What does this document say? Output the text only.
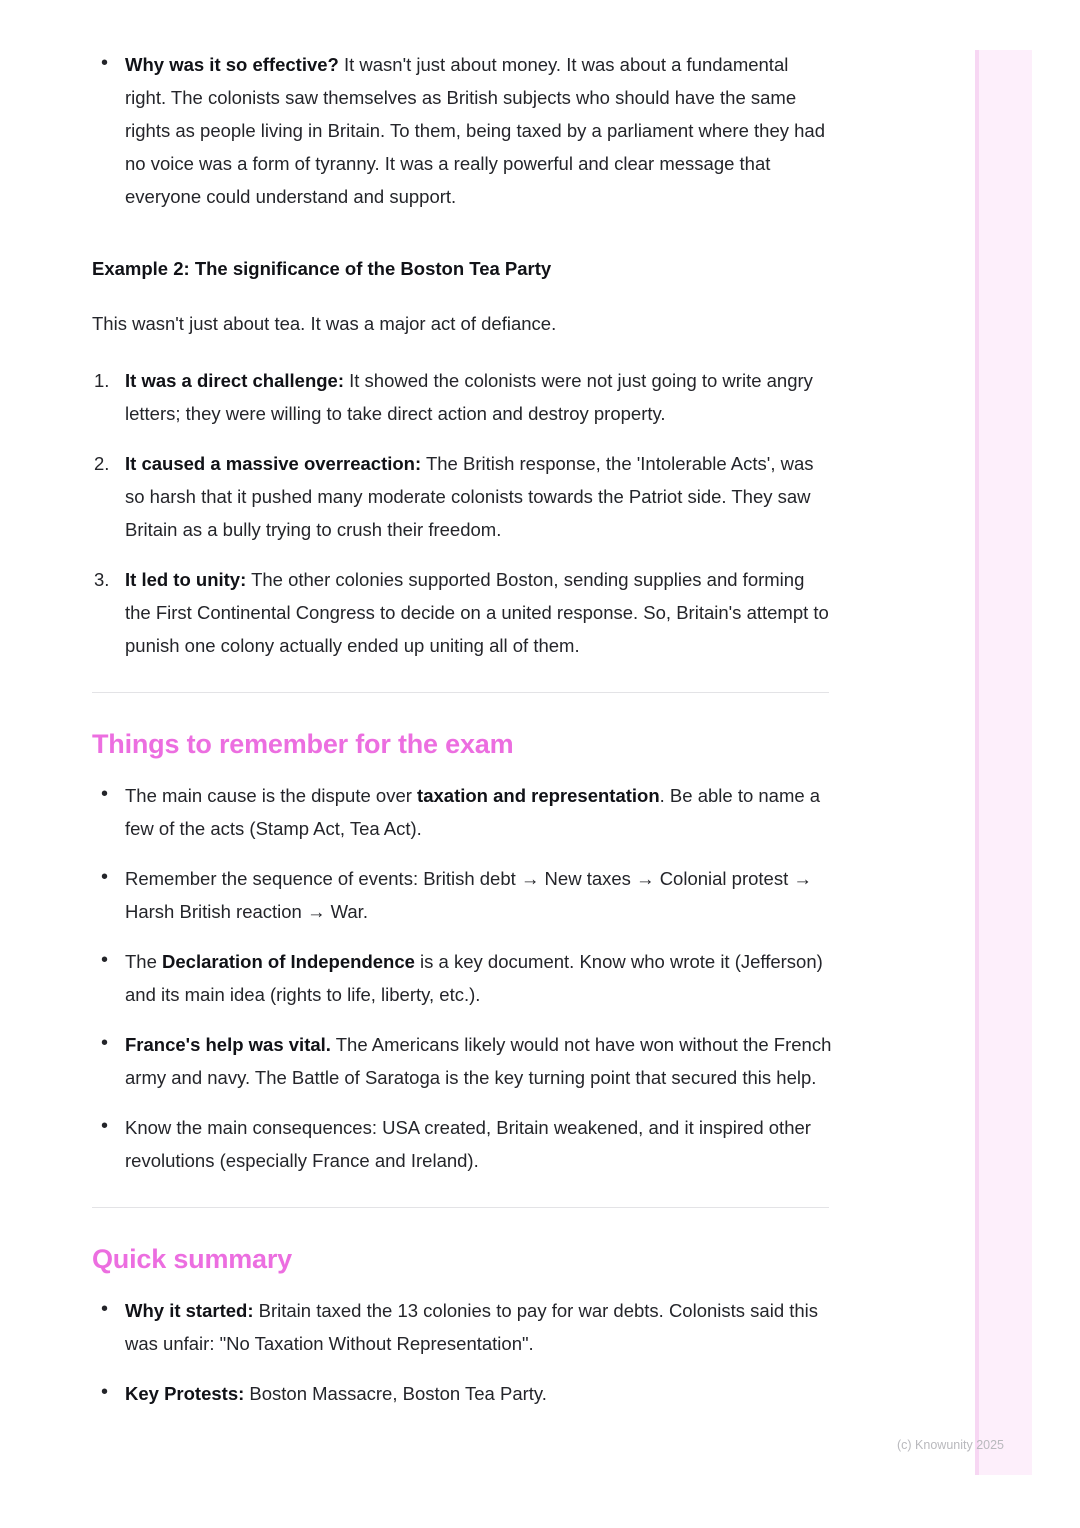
• Why was it so effective? It wasn't just about money. It was about a fundamental right. The colonists saw themselves as British subjects who should have the same rights as people living in Britain. To them, being taxed by a parliament where they had no voice was a form of tyranny. It was a really powerful and clear message that everyone could understand and support.

Example 2: The significance of the Boston Tea Party

This wasn't just about tea. It was a major act of defiance.

It was a direct challenge: It showed the colonists were not just going to write angry letters; they were willing to take direct action and destroy property.
It caused a massive overreaction: The British response, the 'Intolerable Acts', was so harsh that it pushed many moderate colonists towards the Patriot side. They saw Britain as a bully trying to crush their freedom.
It led to unity: The other colonies supported Boston, sending supplies and forming the First Continental Congress to decide on a united response. So, Britain's attempt to punish one colony actually ended up uniting all of them.
Things to remember for the exam
• The main cause is the dispute over taxation and representation. Be able to name a few of the acts (Stamp Act, Tea Act).
• Remember the sequence of events: British debt → New taxes → Colonial protest → Harsh British reaction → War.
• The Declaration of Independence is a key document. Know who wrote it (Jefferson) and its main idea (rights to life, liberty, etc.).
• France's help was vital. The Americans likely would not have won without the French army and navy. The Battle of Saratoga is the key turning point that secured this help.
• Know the main consequences: USA created, Britain weakened, and it inspired other revolutions (especially France and Ireland).
Quick summary
• Why it started: Britain taxed the 13 colonies to pay for war debts. Colonists said this was unfair: "No Taxation Without Representation".
• Key Protests: Boston Massacre, Boston Tea Party.
(c) Knowunity 2025
